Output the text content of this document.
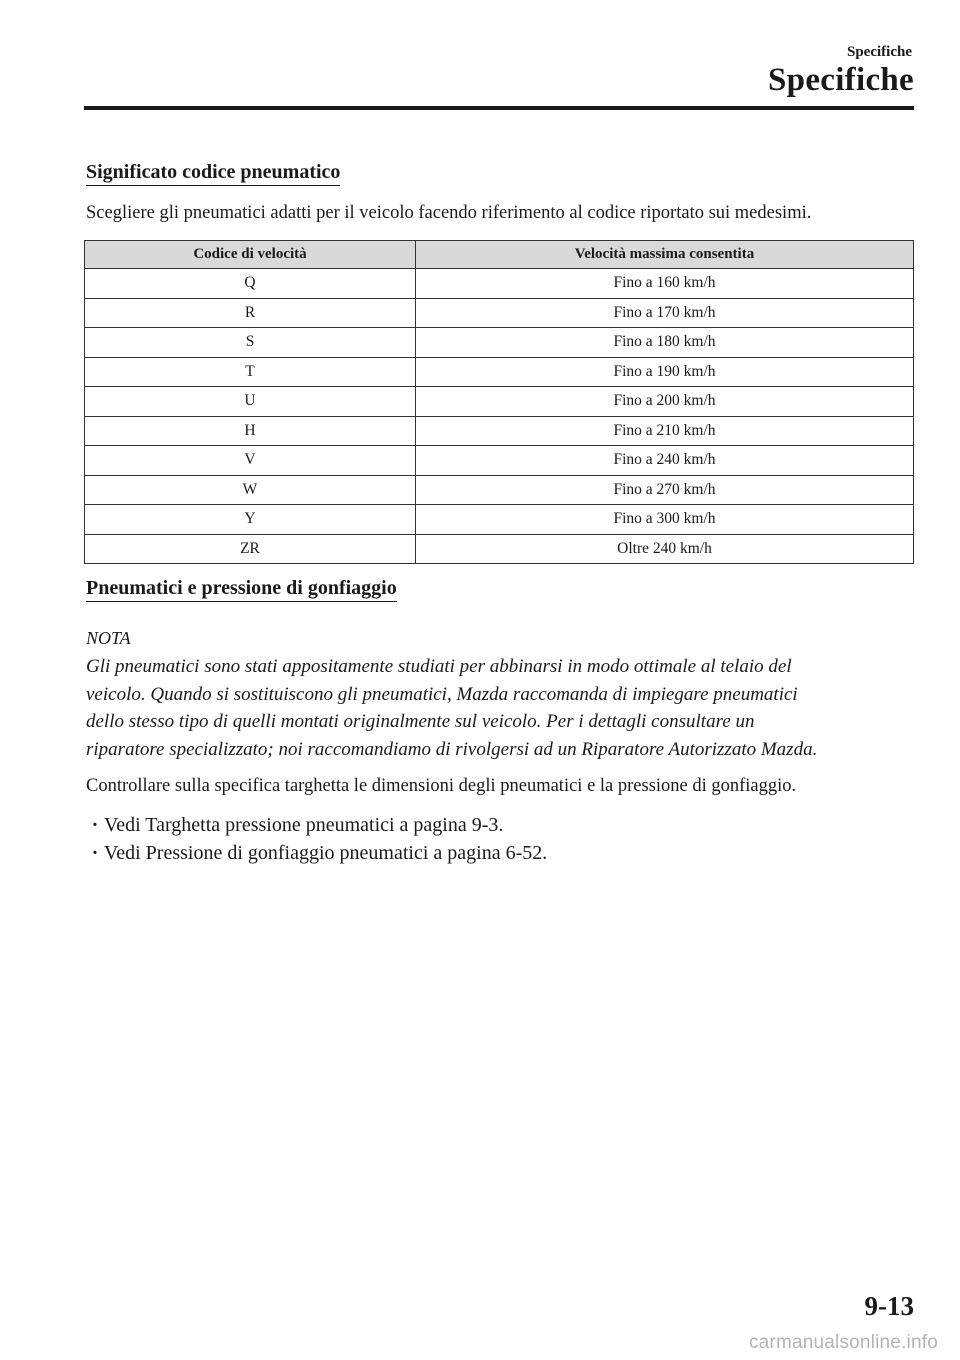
Specifiche
Specifiche
Significato codice pneumatico
Scegliere gli pneumatici adatti per il veicolo facendo riferimento al codice riportato sui medesimi.
Codice di velocità	Velocità massima consentita
Q	Fino a 160 km/h
R	Fino a 170 km/h
S	Fino a 180 km/h
T	Fino a 190 km/h
U	Fino a 200 km/h
H	Fino a 210 km/h
V	Fino a 240 km/h
W	Fino a 270 km/h
Y	Fino a 300 km/h
ZR	Oltre 240 km/h
Pneumatici e pressione di gonfiaggio
NOTA
Gli pneumatici sono stati appositamente studiati per abbinarsi in modo ottimale al telaio del
veicolo. Quando si sostituiscono gli pneumatici, Mazda raccomanda di impiegare pneumatici
dello stesso tipo di quelli montati originalmente sul veicolo. Per i dettagli consultare un
riparatore specializzato; noi raccomandiamo di rivolgersi ad un Riparatore Autorizzato Mazda.
Controllare sulla specifica targhetta le dimensioni degli pneumatici e la pressione di gonfiaggio.
· Vedi Targhetta pressione pneumatici a pagina 9-3.
· Vedi Pressione di gonfiaggio pneumatici a pagina 6-52.
9-13
carmanualsonline.info
